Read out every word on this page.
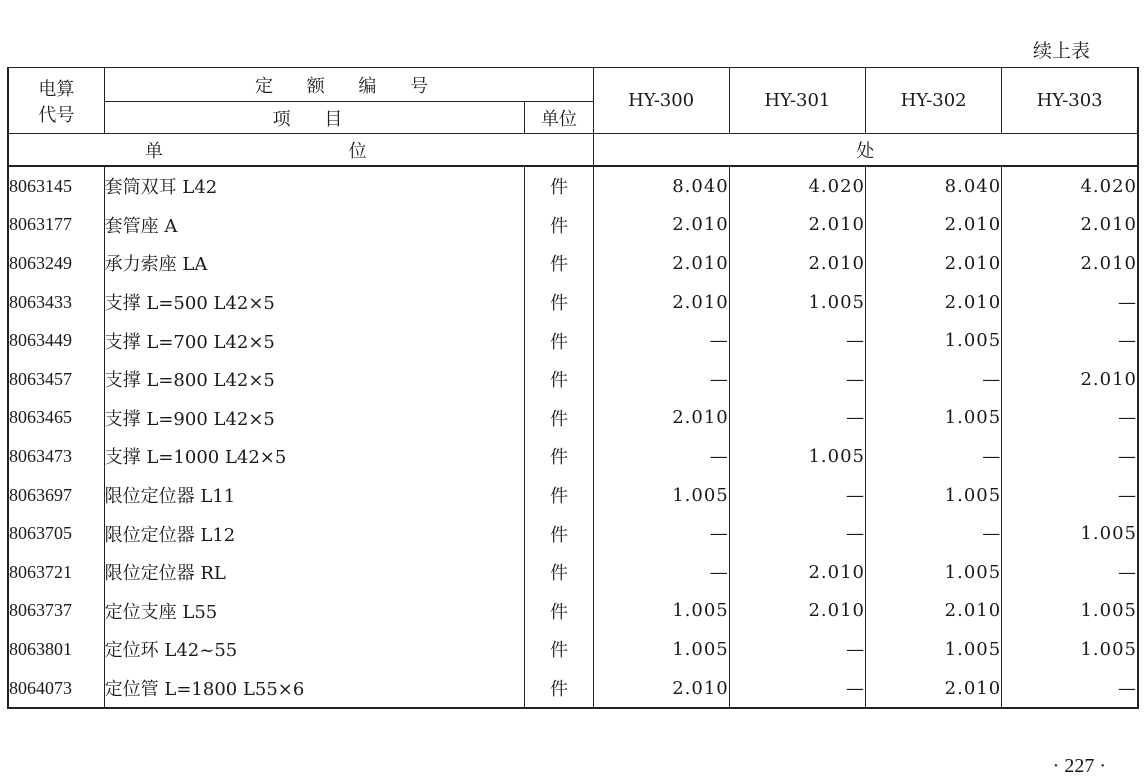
续上表
电算
代号	定 额 编 号		HY-300	HY-301	HY-302	HY-303
	项 目	单位				
单 位			处			
8063145	套筒双耳 L42	件	8.040	4.020	8.040	4.020
8063177	套管座 A	件	2.010	2.010	2.010	2.010
8063249	承力索座 LA	件	2.010	2.010	2.010	2.010
8063433	支撑 L=500 L42×5	件	2.010	1.005	2.010	—
8063449	支撑 L=700 L42×5	件	—	—	1.005	—
8063457	支撑 L=800 L42×5	件	—	—	—	2.010
8063465	支撑 L=900 L42×5	件	2.010	—	1.005	—
8063473	支撑 L=1000 L42×5	件	—	1.005	—	—
8063697	限位定位器 L11	件	1.005	—	1.005	—
8063705	限位定位器 L12	件	—	—	—	1.005
8063721	限位定位器 RL	件	—	2.010	1.005	—
8063737	定位支座 L55	件	1.005	2.010	2.010	1.005
8063801	定位环 L42~55	件	1.005	—	1.005	1.005
8064073	定位管 L=1800 L55×6	件	2.010	—	2.010	—
· 227 ·
